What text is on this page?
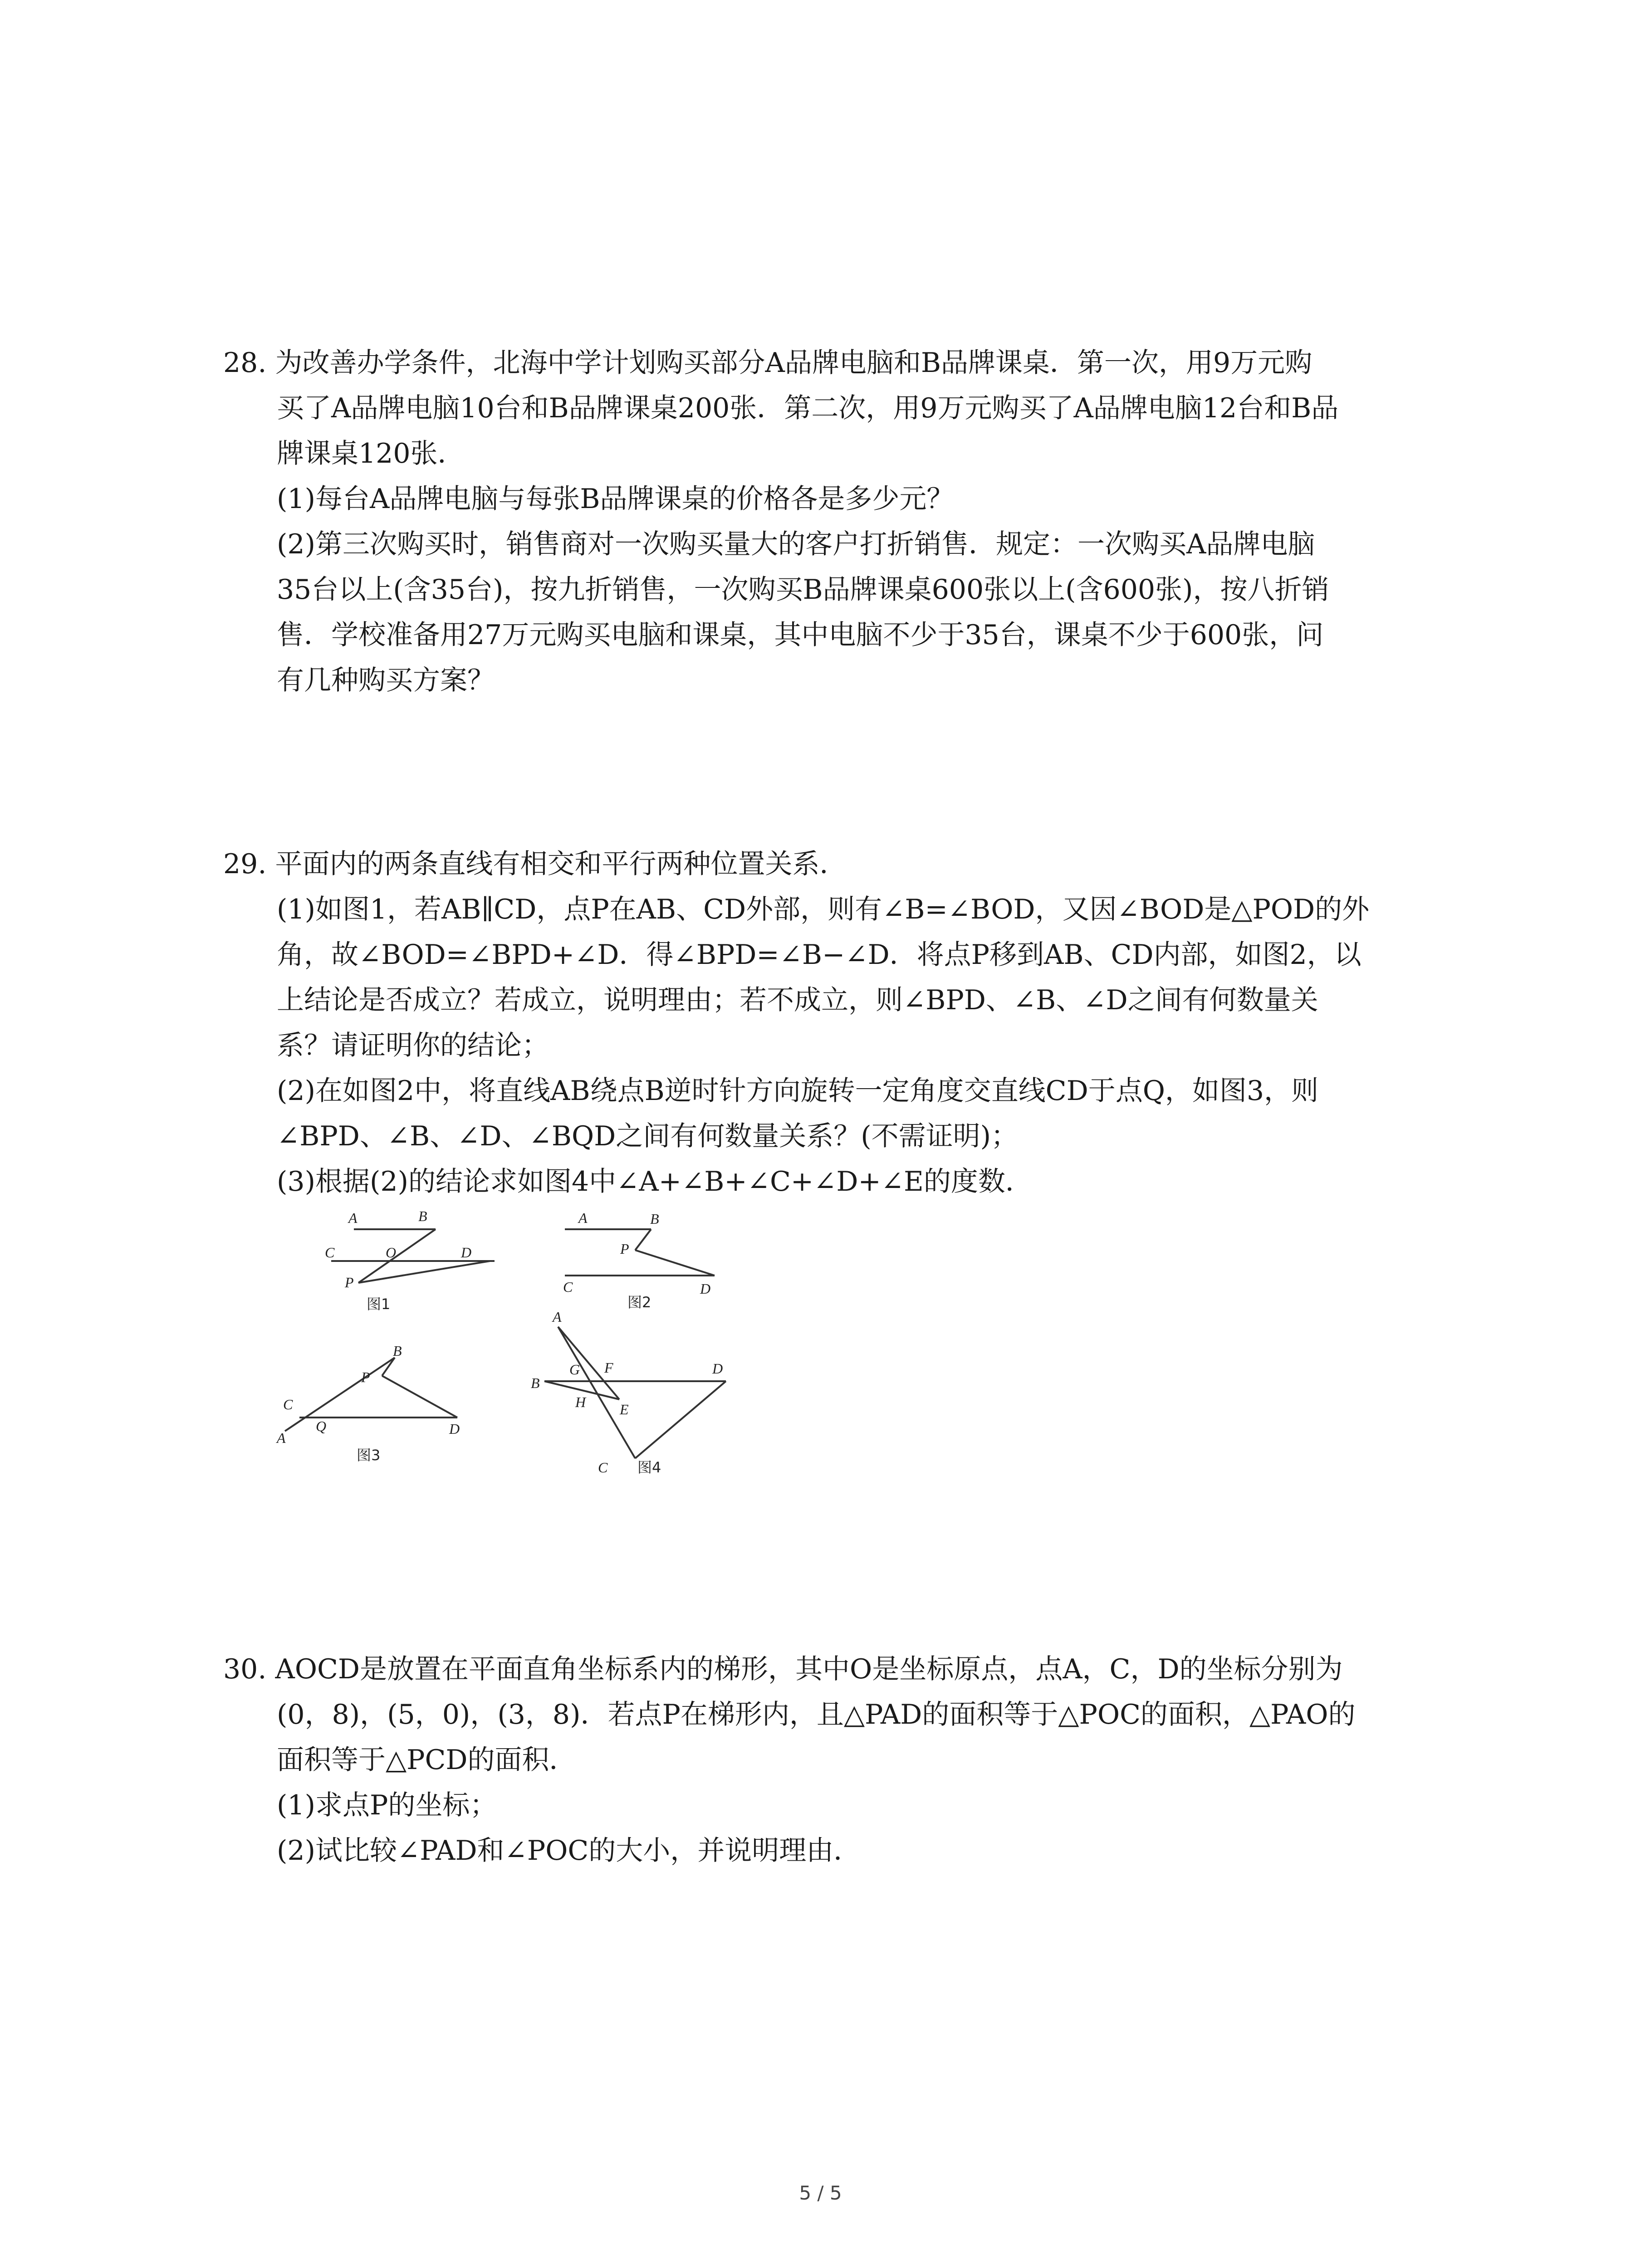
28. 为改善办学条件，北海中学计划购买部分A品牌电脑和B品牌课桌．第一次，用9万元购
买了A品牌电脑10台和B品牌课桌200张．第二次，用9万元购买了A品牌电脑12台和B品
牌课桌120张．
(1)每台A品牌电脑与每张B品牌课桌的价格各是多少元？
(2)第三次购买时，销售商对一次购买量大的客户打折销售．规定：一次购买A品牌电脑
35台以上(含35台)，按九折销售，一次购买B品牌课桌600张以上(含600张)，按八折销
售．学校准备用27万元购买电脑和课桌，其中电脑不少于35台，课桌不少于600张，问
有几种购买方案？
29. 平面内的两条直线有相交和平行两种位置关系．
(1)如图1，若AB∥CD，点P在AB、CD外部，则有∠B=∠BOD，又因∠BOD是△POD的外
角，故∠BOD=∠BPD+∠D．得∠BPD=∠B−∠D．将点P移到AB、CD内部，如图2，以
上结论是否成立？若成立，说明理由；若不成立，则∠BPD、∠B、∠D之间有何数量关
系？请证明你的结论；
(2)在如图2中，将直线AB绕点B逆时针方向旋转一定角度交直线CD于点Q，如图3，则
∠BPD、∠B、∠D、∠BQD之间有何数量关系？(不需证明)；
(3)根据(2)的结论求如图4中∠A+∠B+∠C+∠D+∠E的度数．
A	B
C	O	D
P
图1
A	B
P
C	D
图2
B
P
C
A
Q	D
图3
A
B
G F	D
H E
C 图4
30. AOCD是放置在平面直角坐标系内的梯形，其中O是坐标原点，点A，C，D的坐标分别为
(0，8)，(5，0)，(3，8)．若点P在梯形内，且△PAD的面积等于△POC的面积，△PAO的
面积等于△PCD的面积．
(1)求点P的坐标；
(2)试比较∠PAD和∠POC的大小，并说明理由．
5 / 5
